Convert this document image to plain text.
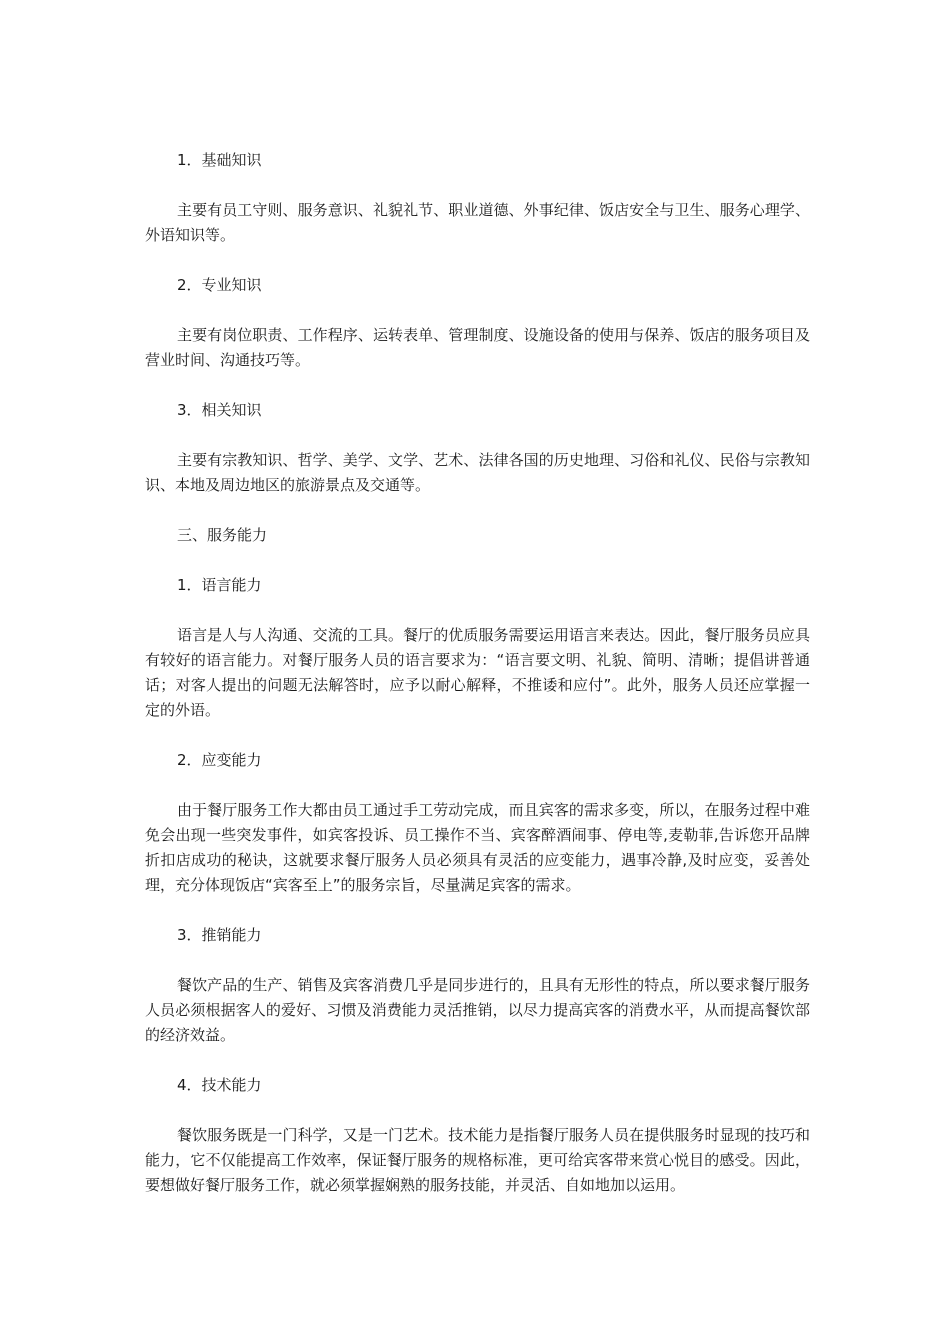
1．基础知识

主要有员工守则、服务意识、礼貌礼节、职业道德、外事纪律、饭店安全与卫生、服务心理学、外语知识等。

2．专业知识

主要有岗位职责、工作程序、运转表单、管理制度、设施设备的使用与保养、饭店的服务项目及营业时间、沟通技巧等。

3．相关知识

主要有宗教知识、哲学、美学、文学、艺术、法律各国的历史地理、习俗和礼仪、民俗与宗教知识、本地及周边地区的旅游景点及交通等。

三、服务能力

1．语言能力

语言是人与人沟通、交流的工具。餐厅的优质服务需要运用语言来表达。因此，餐厅服务员应具有较好的语言能力。对餐厅服务人员的语言要求为：“语言要文明、礼貌、简明、清晰；提倡讲普通话；对客人提出的问题无法解答时，应予以耐心解释，不推诿和应付”。此外，服务人员还应掌握一定的外语。

2．应变能力

由于餐厅服务工作大都由员工通过手工劳动完成，而且宾客的需求多变，所以，在服务过程中难免会出现一些突发事件，如宾客投诉、员工操作不当、宾客醉酒闹事、停电等,麦勒菲,告诉您开品牌折扣店成功的秘诀，这就要求餐厅服务人员必须具有灵活的应变能力，遇事冷静,及时应变，妥善处理，充分体现饭店“宾客至上”的服务宗旨，尽量满足宾客的需求。

3．推销能力

餐饮产品的生产、销售及宾客消费几乎是同步进行的，且具有无形性的特点，所以要求餐厅服务人员必须根据客人的爱好、习惯及消费能力灵活推销，以尽力提高宾客的消费水平，从而提高餐饮部的经济效益。

4．技术能力

餐饮服务既是一门科学，又是一门艺术。技术能力是指餐厅服务人员在提供服务时显现的技巧和能力，它不仅能提高工作效率，保证餐厅服务的规格标准，更可给宾客带来赏心悦目的感受。因此，要想做好餐厅服务工作，就必须掌握娴熟的服务技能，并灵活、自如地加以运用。
